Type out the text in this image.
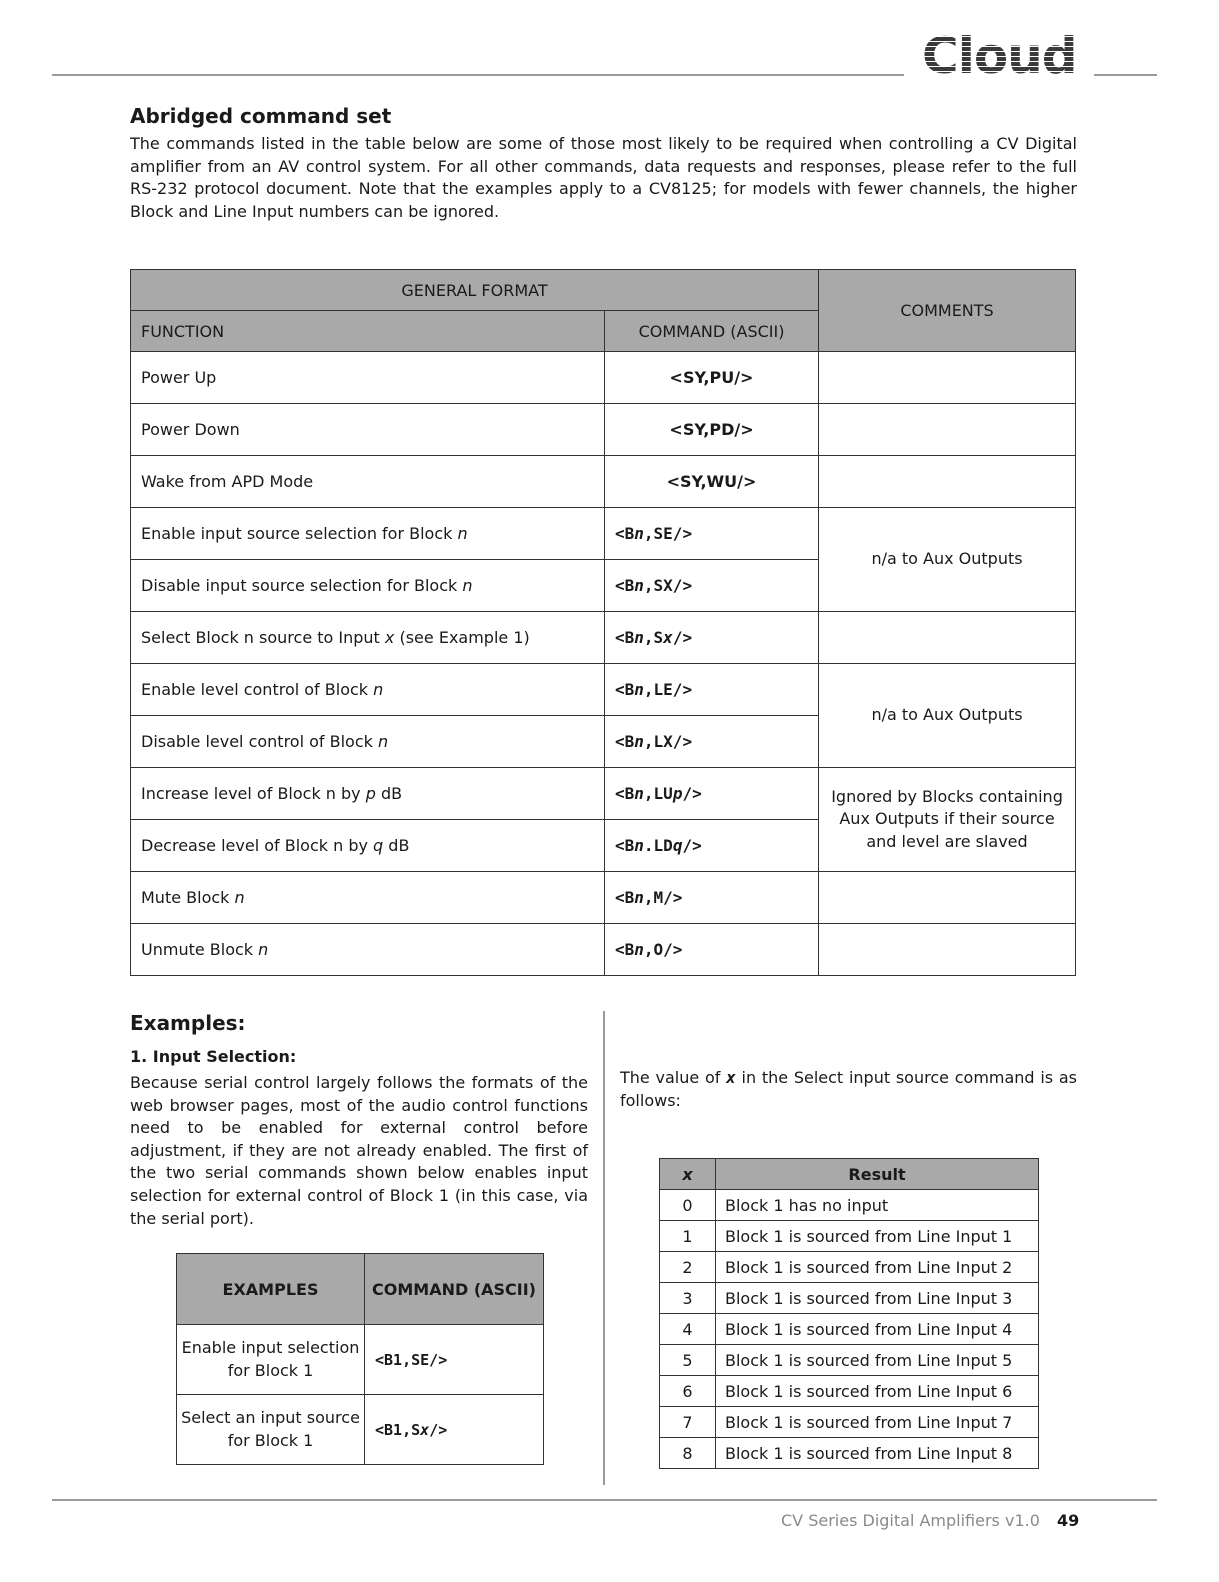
Cloud
Abridged command set

The commands listed in the table below are some of those most likely to be required when controlling a CV Digital amplifier from an AV control system. For all other commands, data requests and responses, please refer to the full RS-232 protocol document. Note that the examples apply to a CV8125; for models with fewer channels, the higher Block and Line Input numbers can be ignored.

GENERAL FORMAT		COMMENTS
FUNCTION	COMMAND (ASCII)	
Power Up	<SY,PU/>	
Power Down	<SY,PD/>	
Wake from APD Mode	<SY,WU/>	
Enable input source selection for Block n	<Bn,SE/>	n/a to Aux Outputs
Disable input source selection for Block n	<Bn,SX/>	
Select Block n source to Input x (see Example 1)	<Bn,Sx/>	
Enable level control of Block n	<Bn,LE/>	n/a to Aux Outputs
Disable level control of Block n	<Bn,LX/>	
Increase level of Block n by p dB	<Bn,LUp/>	Ignored by Blocks containing Aux Outputs if their source and level are slaved
Decrease level of Block n by q dB	<Bn.LDq/>	
Mute Block n	<Bn,M/>	
Unmute Block n	<Bn,O/>	
Examples:
1. Input Selection:

Because serial control largely follows the formats of the web browser pages, most of the audio control functions need to be enabled for external control before adjustment, if they are not already enabled. The first of the two serial commands shown below enables input selection for external control of Block 1 (in this case, via the serial port).

EXAMPLES	COMMAND (ASCII)
Enable input selection for Block 1	<B1,SE/>
Select an input source for Block 1	<B1,Sx/>

The value of x in the Select input source command is as follows:

x	Result
0	Block 1 has no input
1	Block 1 is sourced from Line Input 1
2	Block 1 is sourced from Line Input 2
3	Block 1 is sourced from Line Input 3
4	Block 1 is sourced from Line Input 4
5	Block 1 is sourced from Line Input 5
6	Block 1 is sourced from Line Input 6
7	Block 1 is sourced from Line Input 7
8	Block 1 is sourced from Line Input 8
CV Series Digital Amplifiers v1.0 49
